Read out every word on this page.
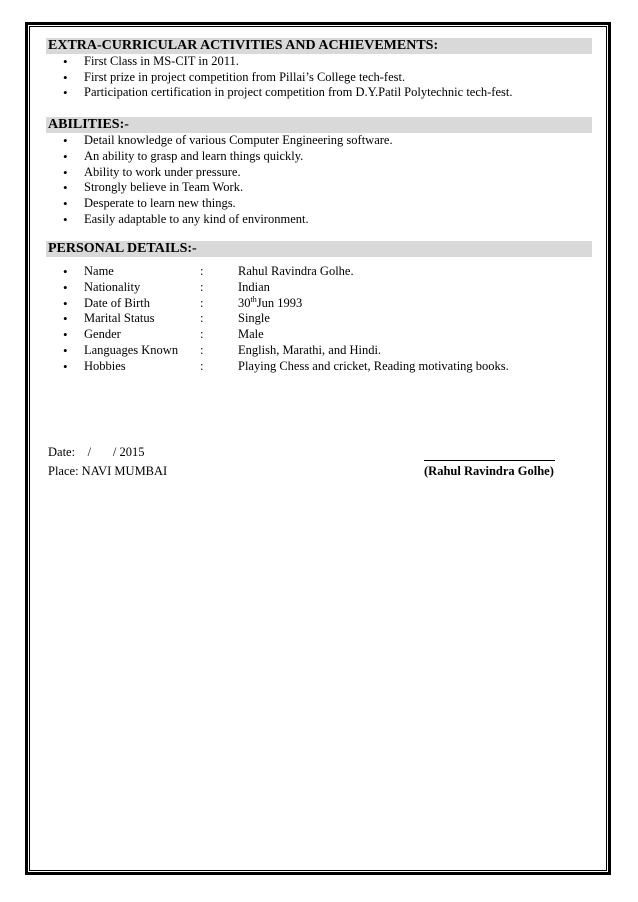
EXTRA-CURRICULAR ACTIVITIES AND ACHIEVEMENTS:
• First Class in MS-CIT in 2011.
• First prize in project competition from Pillai’s College tech-fest.
• Participation certification in project competition from D.Y.Patil Polytechnic tech-fest.
ABILITIES:-
• Detail knowledge of various Computer Engineering software.
• An ability to grasp and learn things quickly.
• Ability to work under pressure.
• Strongly believe in Team Work.
• Desperate to learn new things.
• Easily adaptable to any kind of environment.
PERSONAL DETAILS:-
• Name	:	Rahul Ravindra Golhe.
• Nationality	:	Indian
• Date of Birth	:	30thJun 1993
• Marital Status	:	Single
• Gender	:	Male
• Languages Known :	English, Marathi, and Hindi.
• Hobbies	:	Playing Chess and cricket, Reading motivating books.
Date: /       / 2015
Place: NAVI MUMBAI	(Rahul Ravindra Golhe)
